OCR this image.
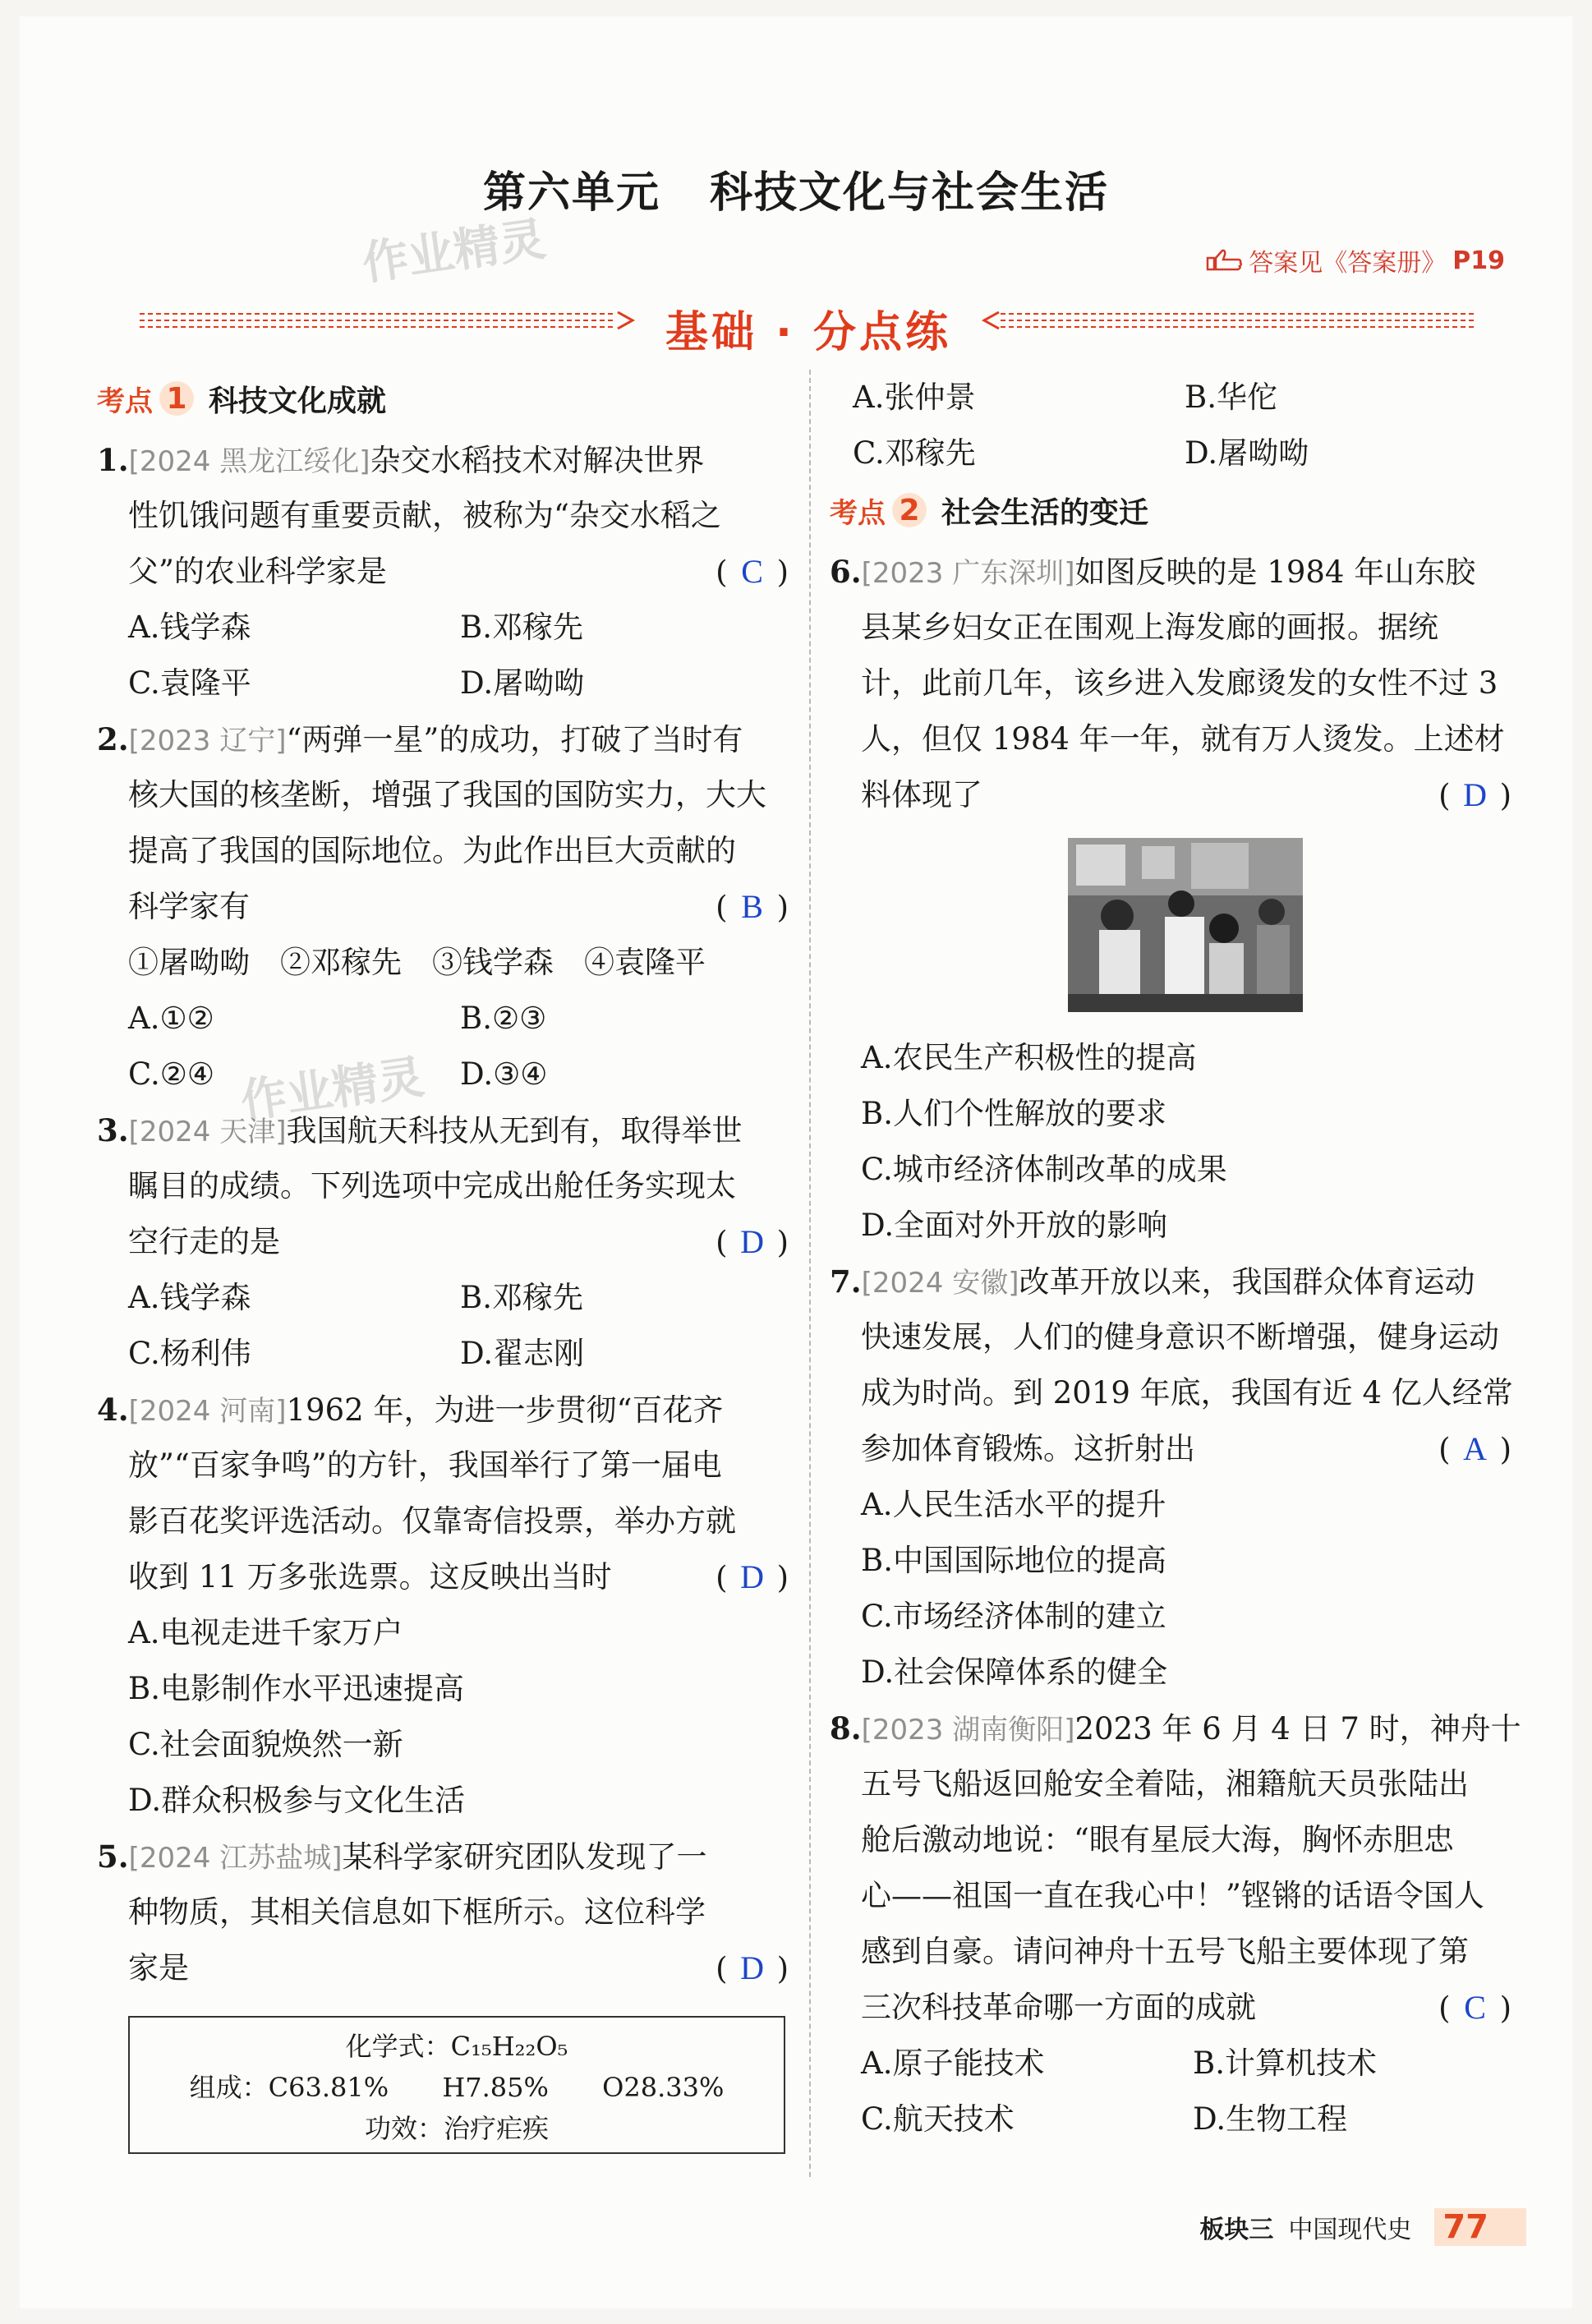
第六单元 科技文化与社会生活
作业精灵
作业精灵
答案见《答案册》 P19
基础 · 分点练
考点 1 科技文化成就
1.[2024 黑龙江绥化]杂交水稻技术对解决世界
性饥饿问题有重要贡献，被称为“杂交水稻之
父”的农业科学家是	( C )
A.钱学森	B.邓稼先
C.袁隆平	D.屠呦呦
2.[2023 辽宁]“两弹一星”的成功，打破了当时有
核大国的核垄断，增强了我国的国防实力，大大
提高了我国的国际地位。为此作出巨大贡献的
科学家有	( B )
①屠呦呦　②邓稼先　③钱学森　④袁隆平
A.①②	B.②③
C.②④	D.③④
3.[2024 天津]我国航天科技从无到有，取得举世
瞩目的成绩。下列选项中完成出舱任务实现太
空行走的是	( D )
A.钱学森	B.邓稼先
C.杨利伟	D.翟志刚
4.[2024 河南]1962 年，为进一步贯彻“百花齐
放”“百家争鸣”的方针，我国举行了第一届电
影百花奖评选活动。仅靠寄信投票，举办方就
收到 11 万多张选票。这反映出当时	( D )
A.电视走进千家万户
B.电影制作水平迅速提高
C.社会面貌焕然一新
D.群众积极参与文化生活
5.[2024 江苏盐城]某科学家研究团队发现了一
种物质，其相关信息如下框所示。这位科学
家是	( D )
化学式：C₁₅H₂₂O₅
组成：C63.81% H7.85% O28.33%
功效：治疗疟疾
A.张仲景	B.华佗
C.邓稼先	D.屠呦呦
考点 2 社会生活的变迁
6.[2023 广东深圳]如图反映的是 1984 年山东胶
县某乡妇女正在围观上海发廊的画报。据统
计，此前几年，该乡进入发廊烫发的女性不过 3
人，但仅 1984 年一年，就有万人烫发。上述材
料体现了	( D )
A.农民生产积极性的提高
B.人们个性解放的要求
C.城市经济体制改革的成果
D.全面对外开放的影响
7.[2024 安徽]改革开放以来，我国群众体育运动
快速发展，人们的健身意识不断增强，健身运动
成为时尚。到 2019 年底，我国有近 4 亿人经常
参加体育锻炼。这折射出	( A )
A.人民生活水平的提升
B.中国国际地位的提高
C.市场经济体制的建立
D.社会保障体系的健全
8.[2023 湖南衡阳]2023 年 6 月 4 日 7 时，神舟十
五号飞船返回舱安全着陆，湘籍航天员张陆出
舱后激动地说：“眼有星辰大海，胸怀赤胆忠
心——祖国一直在我心中！”铿锵的话语令国人
感到自豪。请问神舟十五号飞船主要体现了第
三次科技革命哪一方面的成就	( C )
A.原子能技术	B.计算机技术
C.航天技术	D.生物工程
板块三 中国现代史 77
